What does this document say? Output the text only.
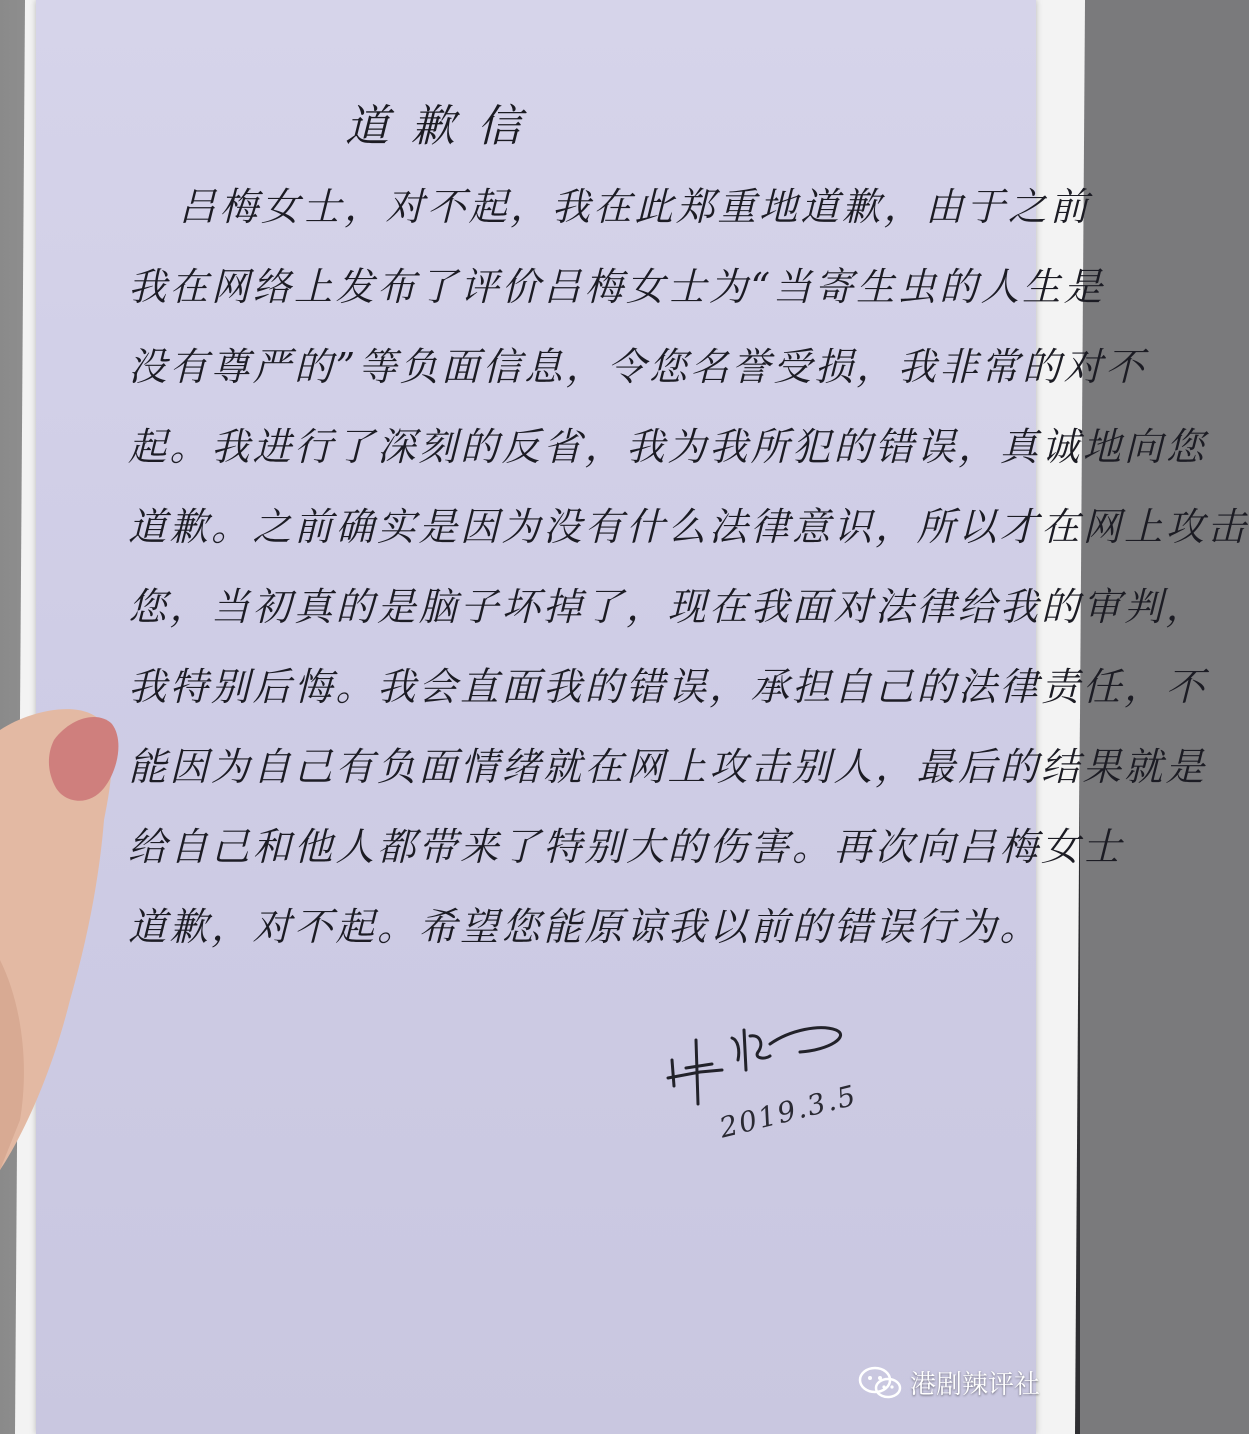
道歉信
吕梅女士，对不起，我在此郑重地道歉，由于之前
我在网络上发布了评价吕梅女士为“当寄生虫的人生是
没有尊严的”等负面信息，令您名誉受损，我非常的对不
起。我进行了深刻的反省，我为我所犯的错误，真诚地向您
道歉。之前确实是因为没有什么法律意识，所以才在网上攻击
您，当初真的是脑子坏掉了，现在我面对法律给我的审判，
我特别后悔。我会直面我的错误，承担自己的法律责任，不
能因为自己有负面情绪就在网上攻击别人，最后的结果就是
给自己和他人都带来了特别大的伤害。再次向吕梅女士
道歉，对不起。希望您能原谅我以前的错误行为。
2019.3.5
港剧辣评社
